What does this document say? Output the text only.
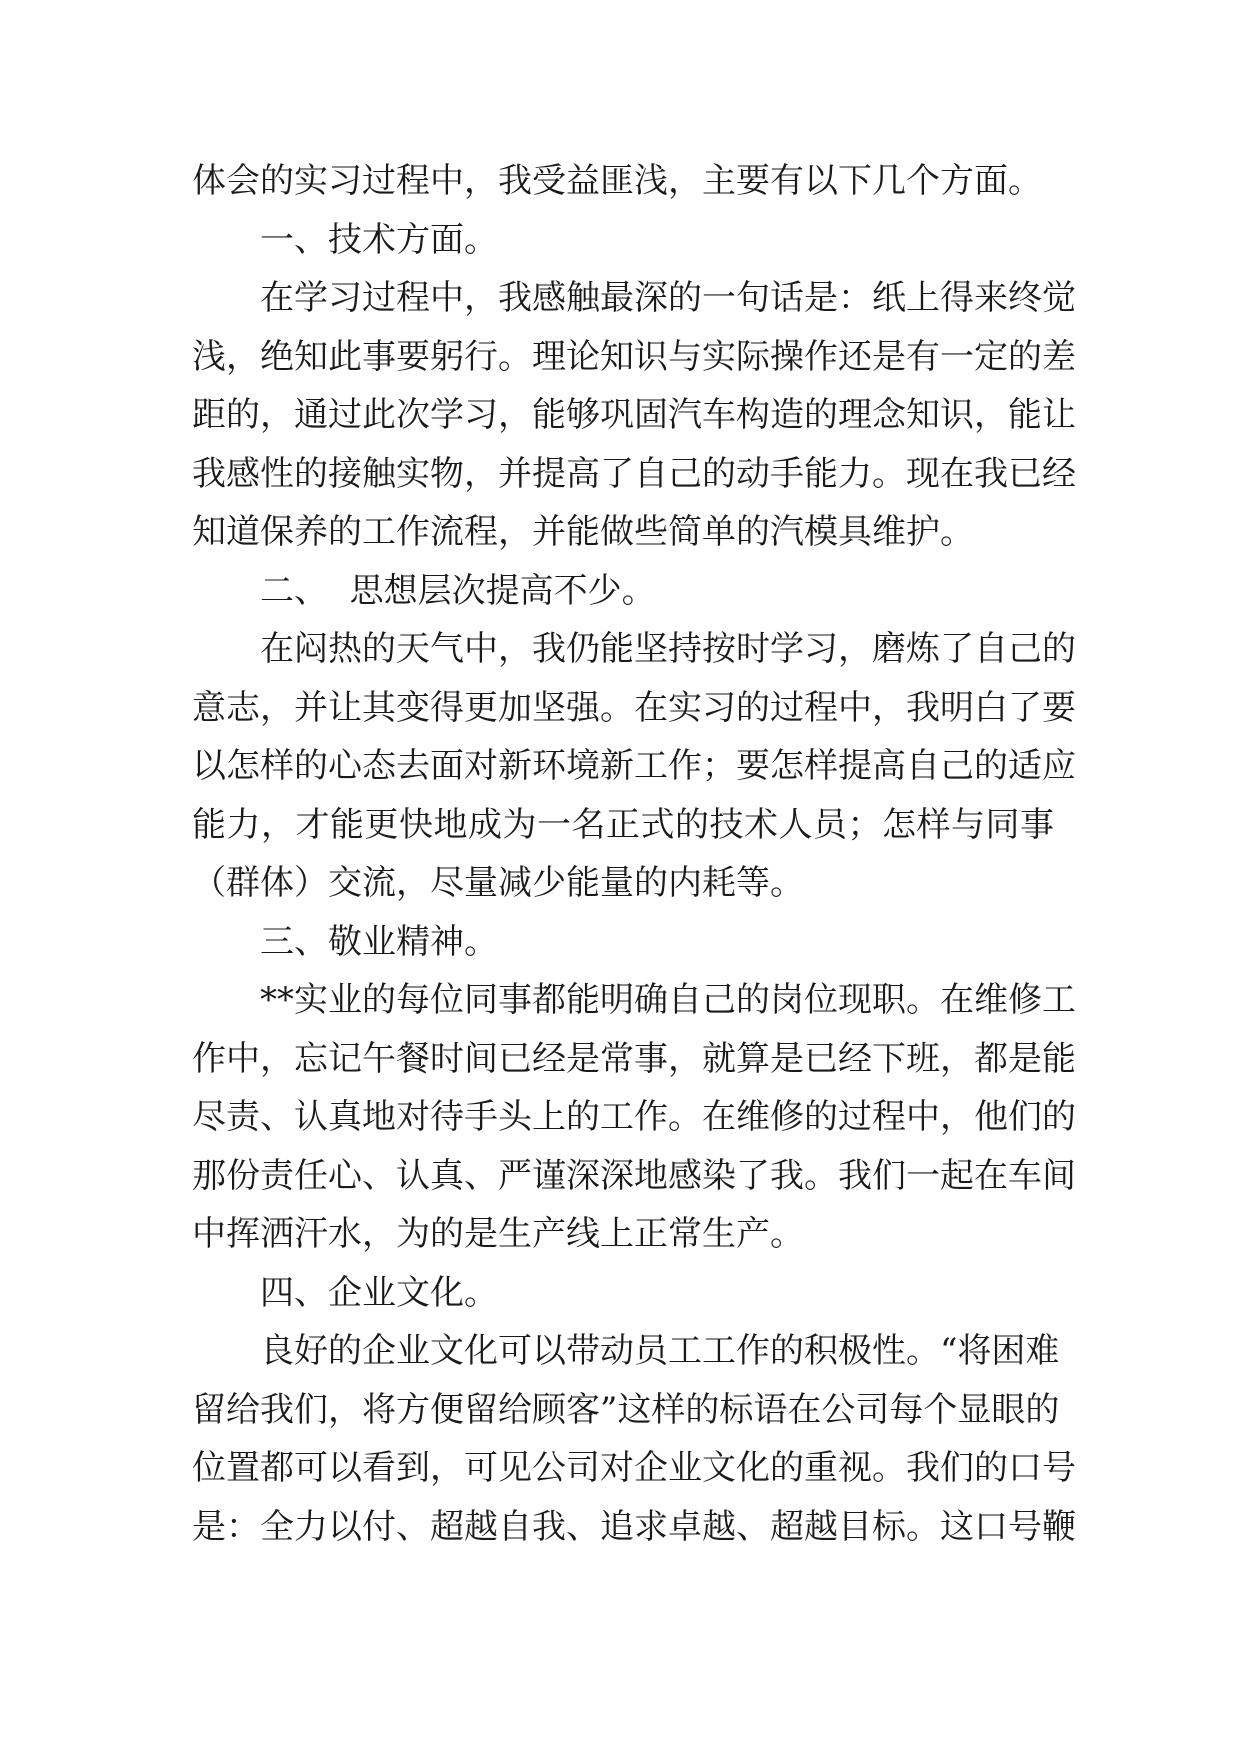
体会的实习过程中，我受益匪浅，主要有以下几个方面。
一、技术方面。
在 学 习 过 程 中 ， 我 感 触 最 深 的 一 句 话 是 ： 纸 上 得 来 终 觉
浅 ， 绝 知 此 事 要 躬 行 。 理 论 知 识 与 实 际 操 作 还 是 有 一 定 的 差
距 的 ， 通 过 此 次 学 习 ， 能 够 巩 固 汽 车 构 造 的 理 念 知 识 ， 能 让
我 感 性 的 接 触 实 物 ， 并 提 高 了 自 己 的 动 手 能 力 。 现 在 我 已 经
知道保养的工作流程，并能做些简单的汽模具维护。
二、  思想层次提高不少。
在 闷 热 的 天 气 中 ， 我 仍 能 坚 持 按 时 学 习 ， 磨 炼 了 自 己 的
意 志 ， 并 让 其 变 得 更 加 坚 强 。 在 实 习 的 过 程 中 ， 我 明 白 了 要
以 怎 样 的 心 态 去 面 对 新 环 境 新 工 作 ； 要 怎 样 提 高 自 己 的 适 应
能 力 ， 才 能 更 快 地 成 为 一 名 正 式 的 技 术 人 员 ； 怎 样 与 同 事
（群体）交流，尽量减少能量的内耗等。
三、敬业精神。
* * 实 业 的 每 位 同 事 都 能 明 确 自 己 的 岗 位 现 职 。 在 维 修 工
作 中 ， 忘 记 午 餐 时 间 已 经 是 常 事 ， 就 算 是 已 经 下 班 ， 都 是 能
尽 责 、 认 真 地 对 待 手 头 上 的 工 作 。 在 维 修 的 过 程 中 ， 他 们 的
那 份 责 任 心 、 认 真 、 严 谨 深 深 地 感 染 了 我 。 我 们 一 起 在 车 间
中挥洒汗水，为的是生产线上正常生产。
四、企业文化。
良 好 的 企 业 文 化 可 以 带 动 员 工 工 作 的 积 极 性 。 “ 将 困 难
留 给 我 们 ， 将 方 便 留 给 顾 客 ” 这 样 的 标 语 在 公 司 每 个 显 眼 的
位 置 都 可 以 看 到 ， 可 见 公 司 对 企 业 文 化 的 重 视 。 我 们 的 口 号
是 ： 全 力 以 付 、 超 越 自 我 、 追 求 卓 越 、 超 越 目 标 。 这 口 号 鞭
